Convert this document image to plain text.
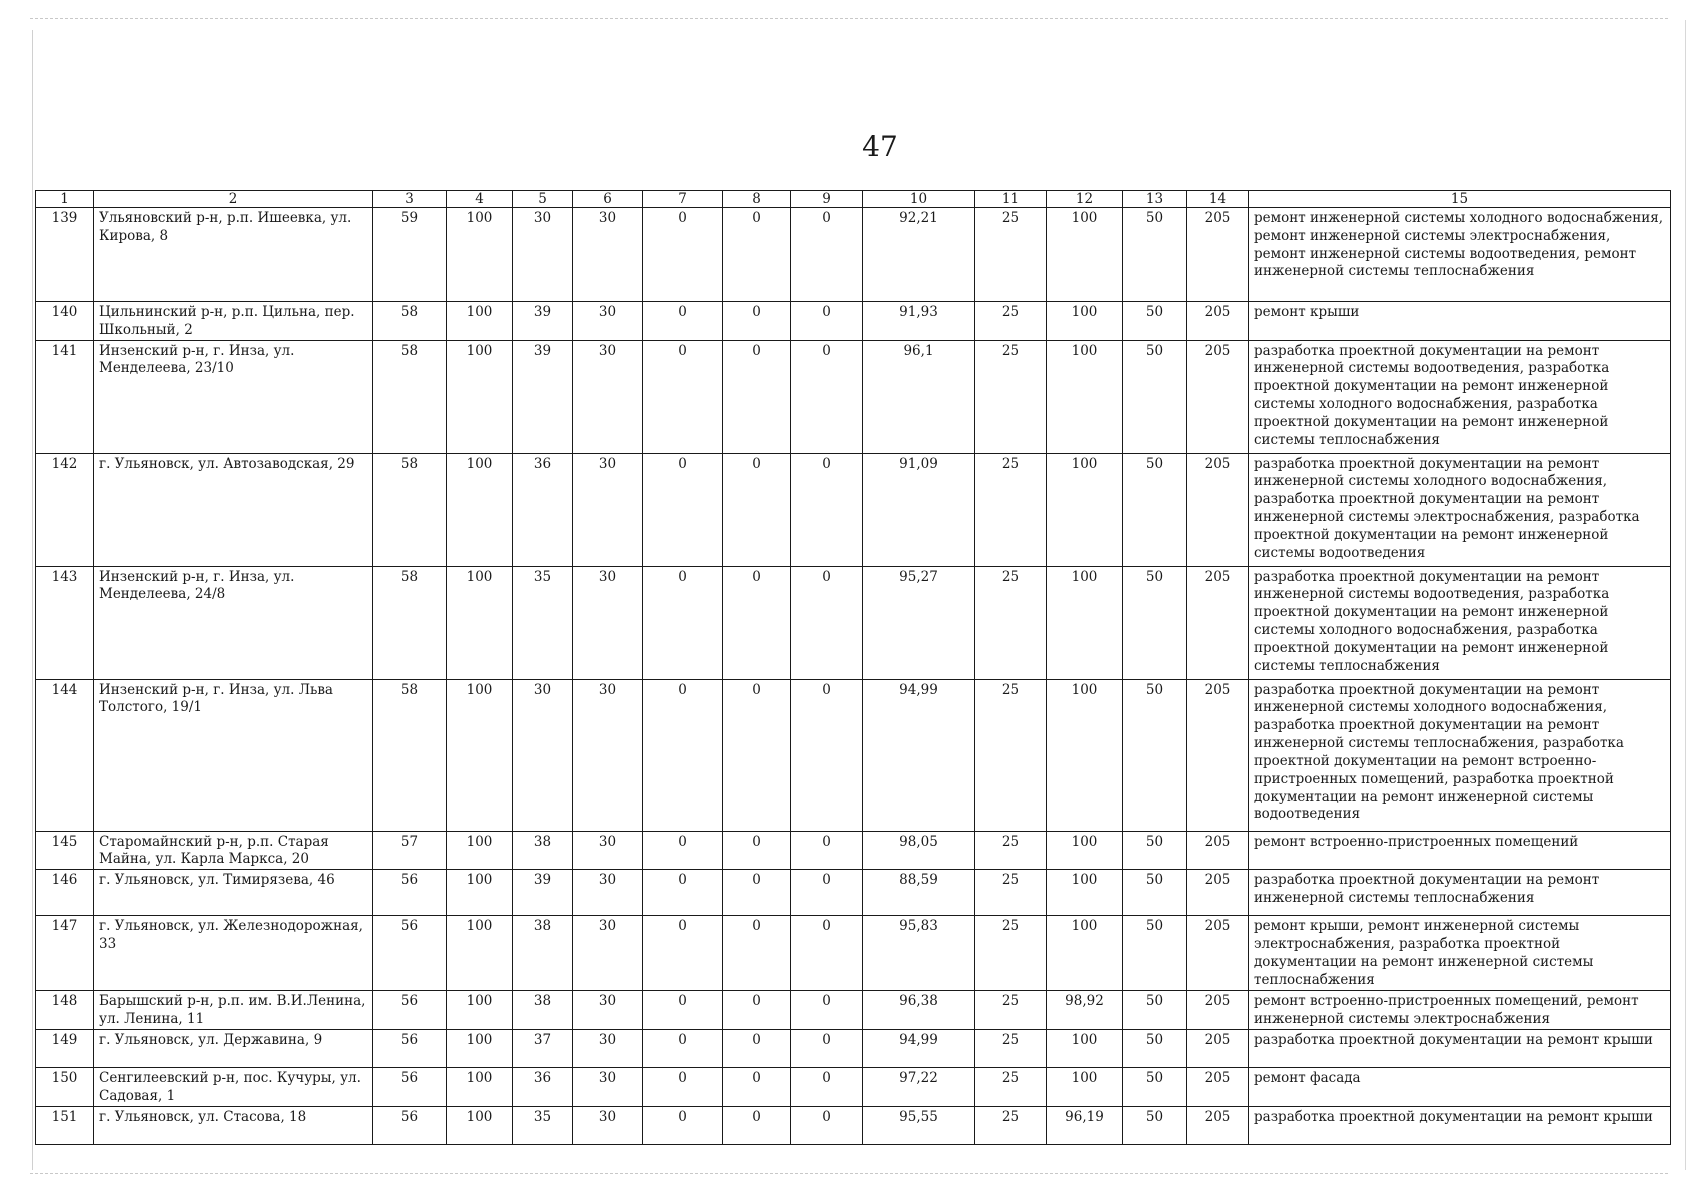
47
1	2	3	4	5	6	7	8	9	10	11	12	13	14	15
139	Ульяновский р-н, р.п. Ишеевка, ул. Кирова, 8	59	100	30	30	0	0	0	92,21	25	100	50	205	ремонт инженерной системы холодного водоснабжения, ремонт инженерной системы электроснабжения, ремонт инженерной системы водоотведения, ремонт инженерной системы теплоснабжения
140	Цильнинский р-н, р.п. Цильна, пер. Школьный, 2	58	100	39	30	0	0	0	91,93	25	100	50	205	ремонт крыши
141	Инзенский р-н, г. Инза, ул. Менделеева, 23/10	58	100	39	30	0	0	0	96,1	25	100	50	205	разработка проектной документации на ремонт инженерной системы водоотведения, разработка проектной документации на ремонт инженерной системы холодного водоснабжения, разработка проектной документации на ремонт инженерной системы теплоснабжения
142	г. Ульяновск, ул. Автозаводская, 29	58	100	36	30	0	0	0	91,09	25	100	50	205	разработка проектной документации на ремонт инженерной системы холодного водоснабжения, разработка проектной документации на ремонт инженерной системы электроснабжения, разработка проектной документации на ремонт инженерной системы водоотведения
143	Инзенский р-н, г. Инза, ул. Менделеева, 24/8	58	100	35	30	0	0	0	95,27	25	100	50	205	разработка проектной документации на ремонт инженерной системы водоотведения, разработка проектной документации на ремонт инженерной системы холодного водоснабжения, разработка проектной документации на ремонт инженерной системы теплоснабжения
144	Инзенский р-н, г. Инза, ул. Льва Толстого, 19/1	58	100	30	30	0	0	0	94,99	25	100	50	205	разработка проектной документации на ремонт инженерной системы холодного водоснабжения, разработка проектной документации на ремонт инженерной системы теплоснабжения, разработка проектной документации на ремонт встроенно-пристроенных помещений, разработка проектной документации на ремонт инженерной системы водоотведения
145	Старомайнский р-н, р.п. Старая Майна, ул. Карла Маркса, 20	57	100	38	30	0	0	0	98,05	25	100	50	205	ремонт встроенно-пристроенных помещений
146	г. Ульяновск, ул. Тимирязева, 46	56	100	39	30	0	0	0	88,59	25	100	50	205	разработка проектной документации на ремонт инженерной системы теплоснабжения
147	г. Ульяновск, ул. Железнодорожная, 33	56	100	38	30	0	0	0	95,83	25	100	50	205	ремонт крыши, ремонт инженерной системы электроснабжения, разработка проектной документации на ремонт инженерной системы теплоснабжения
148	Барышский р-н, р.п. им. В.И.Ленина, ул. Ленина, 11	56	100	38	30	0	0	0	96,38	25	98,92	50	205	ремонт встроенно-пристроенных помещений, ремонт инженерной системы электроснабжения
149	г. Ульяновск, ул. Державина, 9	56	100	37	30	0	0	0	94,99	25	100	50	205	разработка проектной документации на ремонт крыши
150	Сенгилеевский р-н, пос. Кучуры, ул. Садовая, 1	56	100	36	30	0	0	0	97,22	25	100	50	205	ремонт фасада
151	г. Ульяновск, ул. Стасова, 18	56	100	35	30	0	0	0	95,55	25	96,19	50	205	разработка проектной документации на ремонт крыши
